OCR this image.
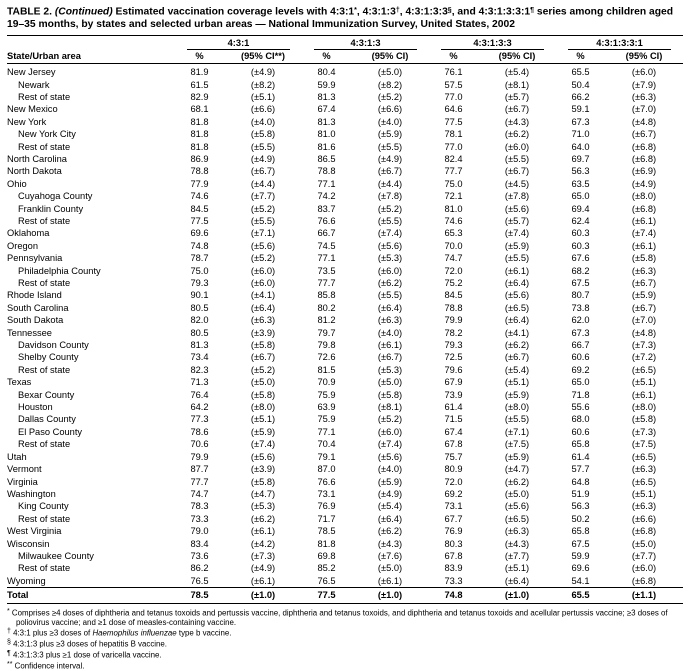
TABLE 2. (Continued) Estimated vaccination coverage levels with 4:3:1*, 4:3:1:3†, 4:3:1:3:3§, and 4:3:1:3:3:1¶ series among children aged 19–35 months, by states and selected urban areas — National Immunization Survey, United States, 2002

	4:3:1		4:3:1:3		4:3:1:3:3		4:3:1:3:3:1	

State/Urban area	%	(95% CI**)	%	(95% CI)	%	(95% CI)	%	(95% CI)
New Jersey	81.9	(±4.9)	80.4	(±5.0)	76.1	(±5.4)	65.5	(±6.0)
Newark	61.5	(±8.2)	59.9	(±8.2)	57.5	(±8.1)	50.4	(±7.9)
Rest of state	82.9	(±5.1)	81.3	(±5.2)	77.0	(±5.7)	66.2	(±6.3)
New Mexico	68.1	(±6.6)	67.4	(±6.6)	64.6	(±6.7)	59.1	(±7.0)
New York	81.8	(±4.0)	81.3	(±4.0)	77.5	(±4.3)	67.3	(±4.8)
New York City	81.8	(±5.8)	81.0	(±5.9)	78.1	(±6.2)	71.0	(±6.7)
Rest of state	81.8	(±5.5)	81.6	(±5.5)	77.0	(±6.0)	64.0	(±6.8)
North Carolina	86.9	(±4.9)	86.5	(±4.9)	82.4	(±5.5)	69.7	(±6.8)
North Dakota	78.8	(±6.7)	78.8	(±6.7)	77.7	(±6.7)	56.3	(±6.9)
Ohio	77.9	(±4.4)	77.1	(±4.4)	75.0	(±4.5)	63.5	(±4.9)
Cuyahoga County	74.6	(±7.7)	74.2	(±7.8)	72.1	(±7.8)	65.0	(±8.0)
Franklin County	84.5	(±5.2)	83.7	(±5.2)	81.0	(±5.6)	69.4	(±6.8)
Rest of state	77.5	(±5.5)	76.6	(±5.5)	74.6	(±5.7)	62.4	(±6.1)
Oklahoma	69.6	(±7.1)	66.7	(±7.4)	65.3	(±7.4)	60.3	(±7.4)
Oregon	74.8	(±5.6)	74.5	(±5.6)	70.0	(±5.9)	60.3	(±6.1)
Pennsylvania	78.7	(±5.2)	77.1	(±5.3)	74.7	(±5.5)	67.6	(±5.8)
Philadelphia County	75.0	(±6.0)	73.5	(±6.0)	72.0	(±6.1)	68.2	(±6.3)
Rest of state	79.3	(±6.0)	77.7	(±6.2)	75.2	(±6.4)	67.5	(±6.7)
Rhode Island	90.1	(±4.1)	85.8	(±5.5)	84.5	(±5.6)	80.7	(±5.9)
South Carolina	80.5	(±6.4)	80.2	(±6.4)	78.8	(±6.5)	73.8	(±6.7)
South Dakota	82.0	(±6.3)	81.2	(±6.3)	79.9	(±6.4)	62.0	(±7.0)
Tennessee	80.5	(±3.9)	79.7	(±4.0)	78.2	(±4.1)	67.3	(±4.8)
Davidson County	81.3	(±5.8)	79.8	(±6.1)	79.3	(±6.2)	66.7	(±7.3)
Shelby County	73.4	(±6.7)	72.6	(±6.7)	72.5	(±6.7)	60.6	(±7.2)
Rest of state	82.3	(±5.2)	81.5	(±5.3)	79.6	(±5.4)	69.2	(±6.5)
Texas	71.3	(±5.0)	70.9	(±5.0)	67.9	(±5.1)	65.0	(±5.1)
Bexar County	76.4	(±5.8)	75.9	(±5.8)	73.9	(±5.9)	71.8	(±6.1)
Houston	64.2	(±8.0)	63.9	(±8.1)	61.4	(±8.0)	55.6	(±8.0)
Dallas County	77.3	(±5.1)	75.9	(±5.2)	71.5	(±5.5)	68.0	(±5.8)
El Paso County	78.6	(±5.9)	77.1	(±6.0)	67.4	(±7.1)	60.6	(±7.3)
Rest of state	70.6	(±7.4)	70.4	(±7.4)	67.8	(±7.5)	65.8	(±7.5)
Utah	79.9	(±5.6)	79.1	(±5.6)	75.7	(±5.9)	61.4	(±6.5)
Vermont	87.7	(±3.9)	87.0	(±4.0)	80.9	(±4.7)	57.7	(±6.3)
Virginia	77.7	(±5.8)	76.6	(±5.9)	72.0	(±6.2)	64.8	(±6.5)
Washington	74.7	(±4.7)	73.1	(±4.9)	69.2	(±5.0)	51.9	(±5.1)
King County	78.3	(±5.3)	76.9	(±5.4)	73.1	(±5.6)	56.3	(±6.3)
Rest of state	73.3	(±6.2)	71.7	(±6.4)	67.7	(±6.5)	50.2	(±6.6)
West Virginia	79.0	(±6.1)	78.5	(±6.2)	76.9	(±6.3)	65.8	(±6.8)
Wisconsin	83.4	(±4.2)	81.8	(±4.3)	80.3	(±4.3)	67.5	(±5.0)
Milwaukee County	73.6	(±7.3)	69.8	(±7.6)	67.8	(±7.7)	59.9	(±7.7)
Rest of state	86.2	(±4.9)	85.2	(±5.0)	83.9	(±5.1)	69.6	(±6.0)
Wyoming	76.5	(±6.1)	76.5	(±6.1)	73.3	(±6.4)	54.1	(±6.8)
Total	78.5	(±1.0)	77.5	(±1.0)	74.8	(±1.0)	65.5	(±1.1)
* Comprises ≥4 doses of diphtheria and tetanus toxoids and pertussis vaccine, diphtheria and tetanus toxoids, and diphtheria and tetanus toxoids and acellular pertussis vaccine; ≥3 doses of poliovirus vaccine; and ≥1 dose of measles-containing vaccine.
† 4:3:1 plus ≥3 doses of Haemophilus influenzae type b vaccine.
§ 4:3:1:3 plus ≥3 doses of hepatitis B vaccine.
¶ 4:3:1:3:3 plus ≥1 dose of varicella vaccine.
** Confidence interval.
